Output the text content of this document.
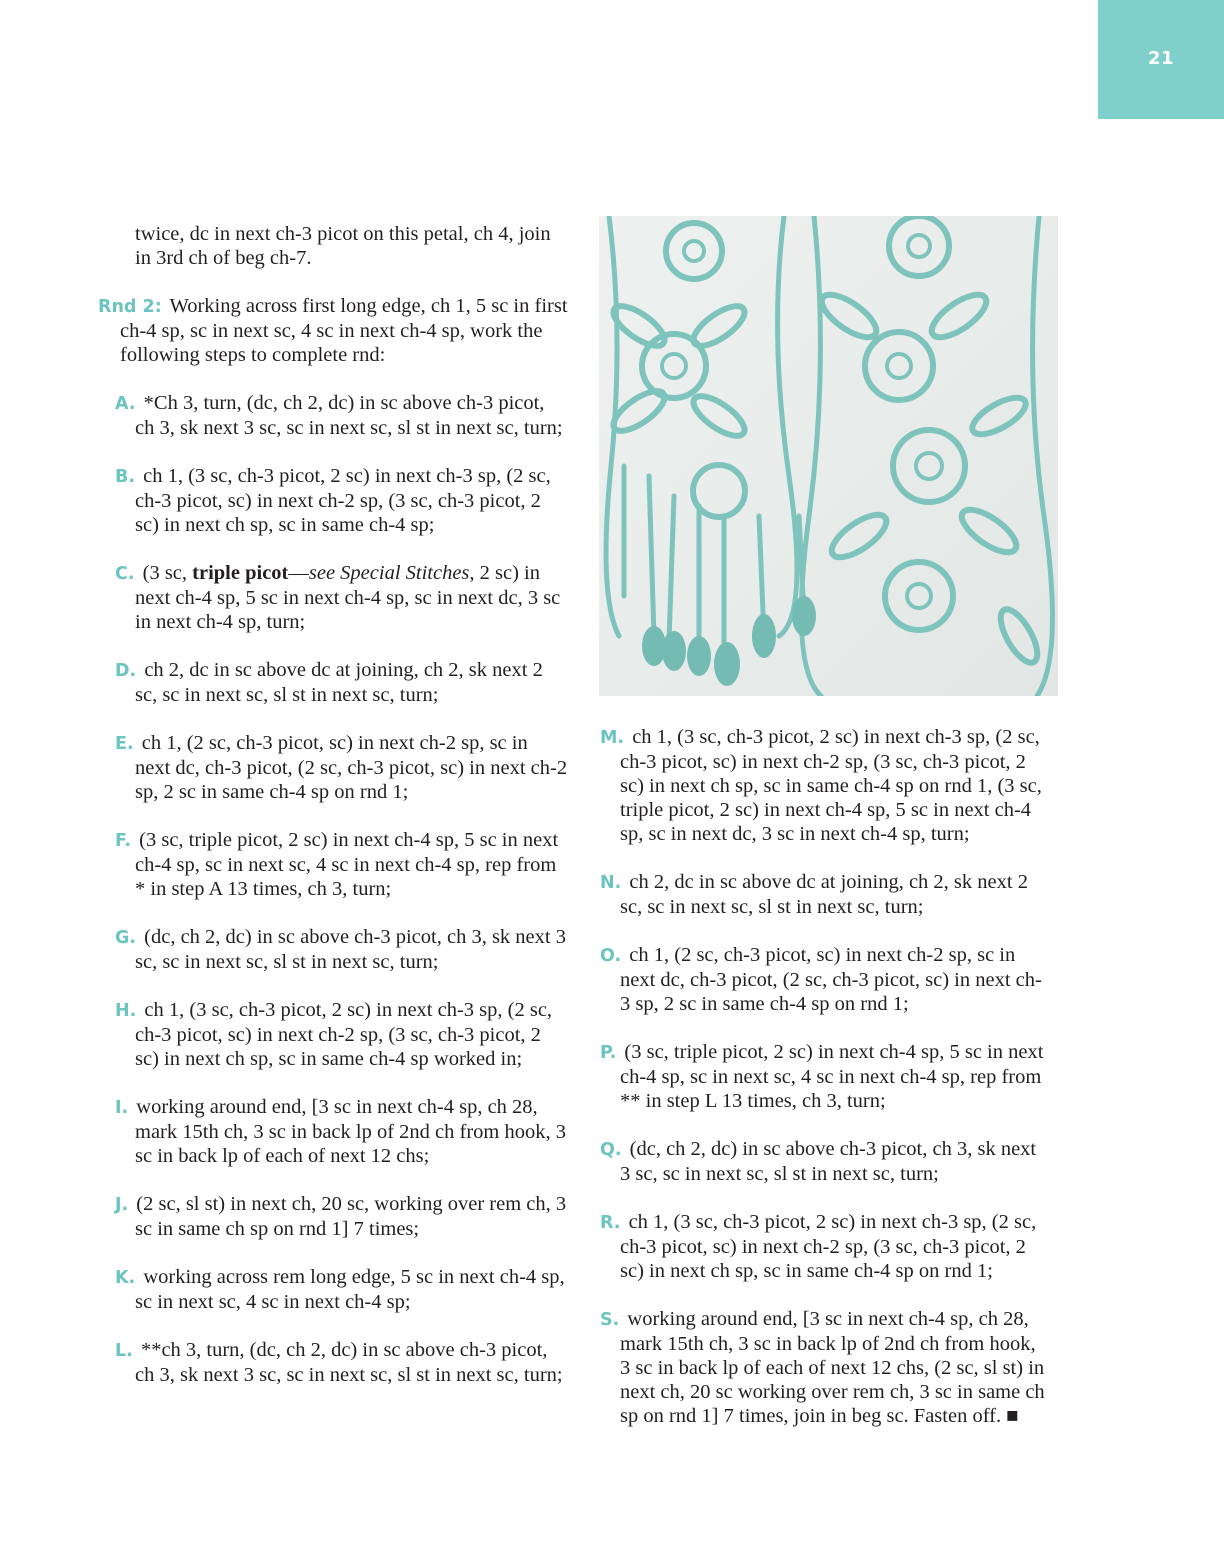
21

twice, dc in next ch-3 picot on this petal, ch 4, join in 3rd ch of beg ch-7.

Rnd 2: Working across first long edge, ch 1, 5 sc in first ch-4 sp, sc in next sc, 4 sc in next ch-4 sp, work the following steps to complete rnd:

A. *Ch 3, turn, (dc, ch 2, dc) in sc above ch-3 picot, ch 3, sk next 3 sc, sc in next sc, sl st in next sc, turn;

B. ch 1, (3 sc, ch-3 picot, 2 sc) in next ch-3 sp, (2 sc, ch-3 picot, sc) in next ch-2 sp, (3 sc, ch-3 picot, 2 sc) in next ch sp, sc in same ch-4 sp;

C. (3 sc, triple picot—see Special Stitches, 2 sc) in next ch-4 sp, 5 sc in next ch-4 sp, sc in next dc, 3 sc in next ch-4 sp, turn;

D. ch 2, dc in sc above dc at joining, ch 2, sk next 2 sc, sc in next sc, sl st in next sc, turn;

E. ch 1, (2 sc, ch-3 picot, sc) in next ch-2 sp, sc in next dc, ch-3 picot, (2 sc, ch-3 picot, sc) in next ch-2 sp, 2 sc in same ch-4 sp on rnd 1;

F. (3 sc, triple picot, 2 sc) in next ch-4 sp, 5 sc in next ch-4 sp, sc in next sc, 4 sc in next ch-4 sp, rep from * in step A 13 times, ch 3, turn;

G. (dc, ch 2, dc) in sc above ch-3 picot, ch 3, sk next 3 sc, sc in next sc, sl st in next sc, turn;

H. ch 1, (3 sc, ch-3 picot, 2 sc) in next ch-3 sp, (2 sc, ch-3 picot, sc) in next ch-2 sp, (3 sc, ch-3 picot, 2 sc) in next ch sp, sc in same ch-4 sp worked in;

I. working around end, [3 sc in next ch-4 sp, ch 28, mark 15th ch, 3 sc in back lp of 2nd ch from hook, 3 sc in back lp of each of next 12 chs;

J. (2 sc, sl st) in next ch, 20 sc, working over rem ch, 3 sc in same ch sp on rnd 1] 7 times;

K. working across rem long edge, 5 sc in next ch-4 sp, sc in next sc, 4 sc in next ch-4 sp;

L. **ch 3, turn, (dc, ch 2, dc) in sc above ch-3 picot, ch 3, sk next 3 sc, sc in next sc, sl st in next sc, turn;

M. ch 1, (3 sc, ch-3 picot, 2 sc) in next ch-3 sp, (2 sc, ch-3 picot, sc) in next ch-2 sp, (3 sc, ch-3 picot, 2 sc) in next ch sp, sc in same ch-4 sp on rnd 1, (3 sc, triple picot, 2 sc) in next ch-4 sp, 5 sc in next ch-4 sp, sc in next dc, 3 sc in next ch-4 sp, turn;

N. ch 2, dc in sc above dc at joining, ch 2, sk next 2 sc, sc in next sc, sl st in next sc, turn;

O. ch 1, (2 sc, ch-3 picot, sc) in next ch-2 sp, sc in next dc, ch-3 picot, (2 sc, ch-3 picot, sc) in next ch-3 sp, 2 sc in same ch-4 sp on rnd 1;

P. (3 sc, triple picot, 2 sc) in next ch-4 sp, 5 sc in next ch-4 sp, sc in next sc, 4 sc in next ch-4 sp, rep from ** in step L 13 times, ch 3, turn;

Q. (dc, ch 2, dc) in sc above ch-3 picot, ch 3, sk next 3 sc, sc in next sc, sl st in next sc, turn;

R. ch 1, (3 sc, ch-3 picot, 2 sc) in next ch-3 sp, (2 sc, ch-3 picot, sc) in next ch-2 sp, (3 sc, ch-3 picot, 2 sc) in next ch sp, sc in same ch-4 sp on rnd 1;

S. working around end, [3 sc in next ch-4 sp, ch 28, mark 15th ch, 3 sc in back lp of 2nd ch from hook, 3 sc in back lp of each of next 12 chs, (2 sc, sl st) in next ch, 20 sc working over rem ch, 3 sc in same ch sp on rnd 1] 7 times, join in beg sc. Fasten off. ■
